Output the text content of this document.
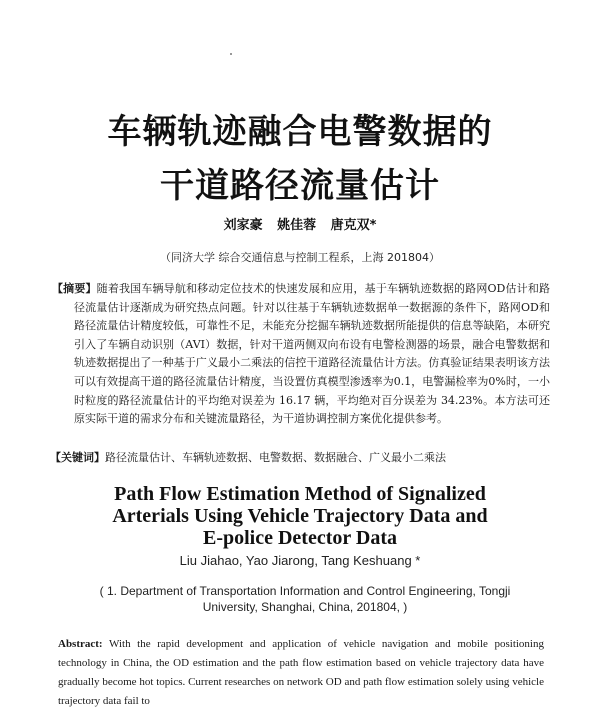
车辆轨迹融合电警数据的
干道路径流量估计
刘家豪 姚佳蓉 唐克双*
（同济大学 综合交通信息与控制工程系，上海 201804）
【摘要】随着我国车辆导航和移动定位技术的快速发展和应用，基于车辆轨迹数据的路网OD估计和路径流量估计逐渐成为研究热点问题。针对以往基于车辆轨迹数据单一数据源的条件下，路网OD和路径流量估计精度较低，可靠性不足，未能充分挖掘车辆轨迹数据所能提供的信息等缺陷，本研究引入了车辆自动识别（AVI）数据，针对干道两侧双向布设有电警检测器的场景，融合电警数据和轨迹数据提出了一种基于广义最小二乘法的信控干道路径流量估计方法。仿真验证结果表明该方法可以有效提高干道的路径流量估计精度，当设置仿真模型渗透率为0.1，电警漏检率为0%时，一小时粒度的路径流量估计的平均绝对误差为 16.17 辆，平均绝对百分误差为 34.23%。本方法可还原实际干道的需求分布和关键流量路径，为干道协调控制方案优化提供参考。
【关键词】路径流量估计、车辆轨迹数据、电警数据、数据融合、广义最小二乘法
Path Flow Estimation Method of Signalized
Arterials Using Vehicle Trajectory Data and
E-police Detector Data
Liu Jiahao, Yao Jiarong, Tang Keshuang *
( 1. Department of Transportation Information and Control Engineering, Tongji University, Shanghai, China, 201804, )
Abstract: With the rapid development and application of vehicle navigation and mobile positioning technology in China, the OD estimation and the path flow estimation based on vehicle trajectory data have gradually become hot topics. Current researches on network OD and path flow estimation solely using vehicle trajectory data fail to
